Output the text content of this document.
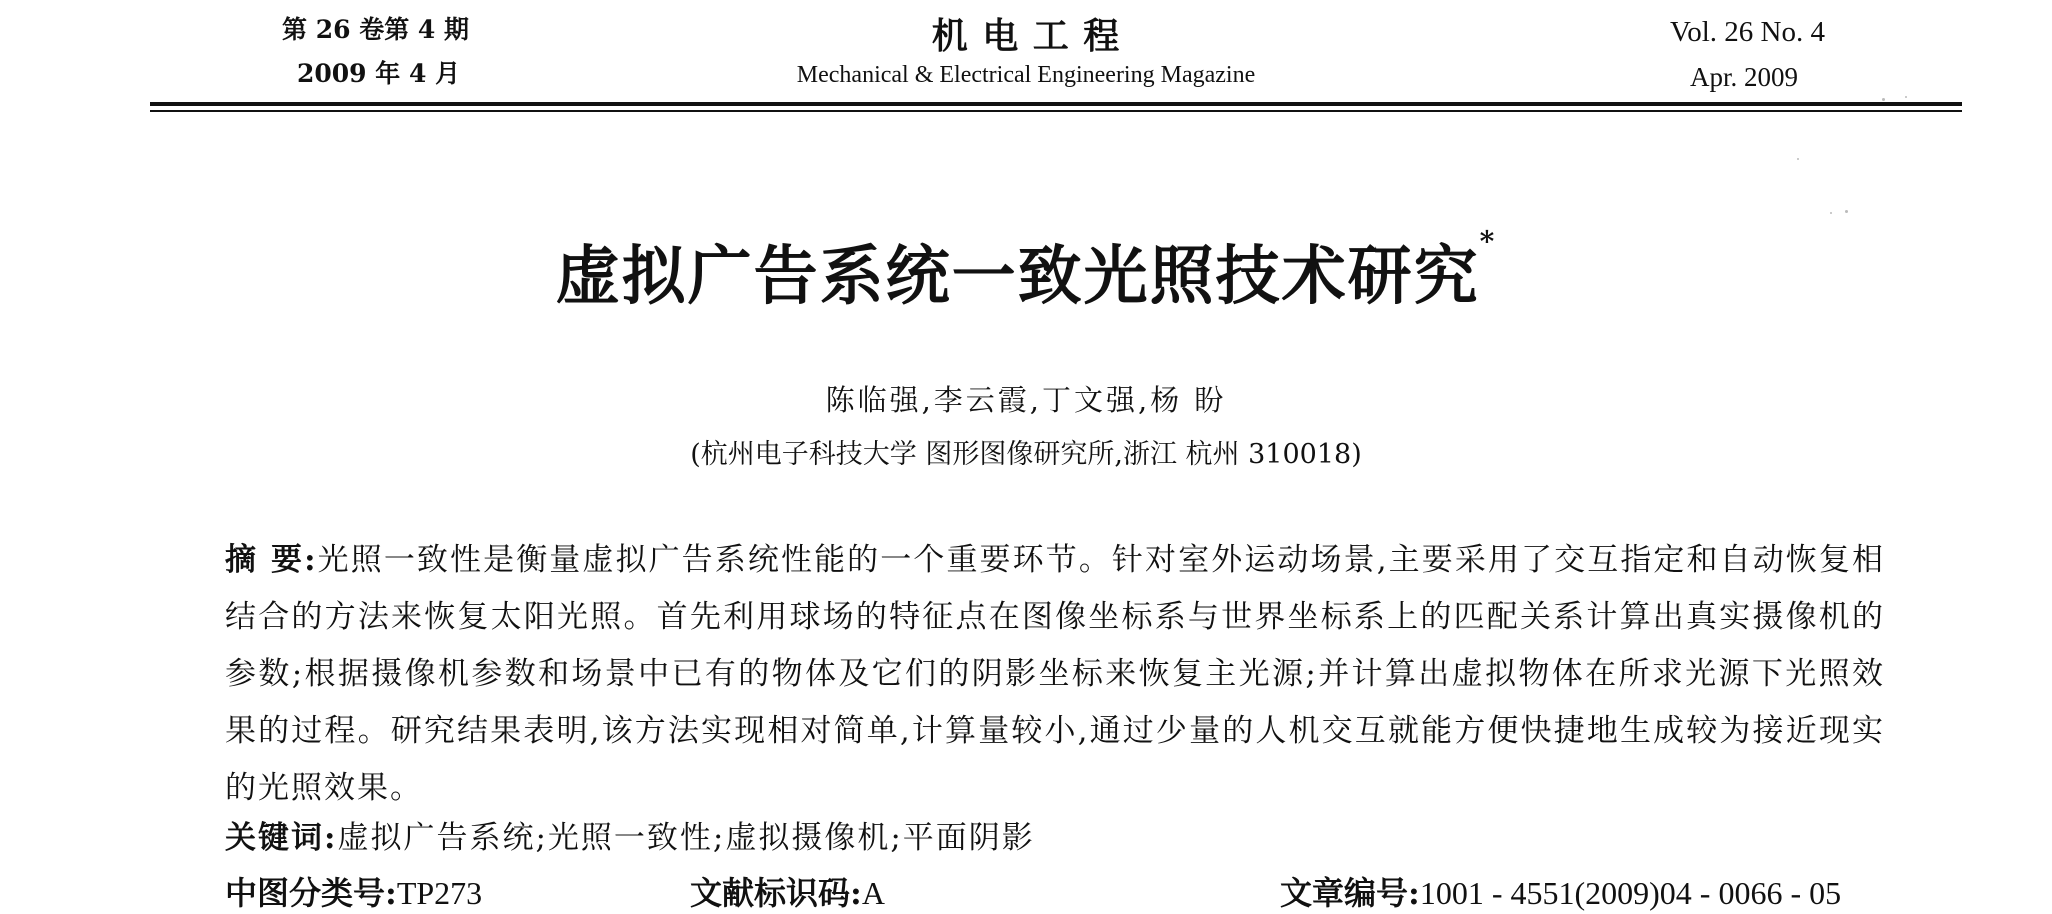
第 26 卷第 4 期
2009 年 4 月
机 电 工 程
Mechanical & Electrical Engineering Magazine
Vol. 26 No. 4
Apr. 2009
虚拟广告系统一致光照技术研究*
陈临强,李云霞,丁文强,杨 盼
(杭州电子科技大学 图形图像研究所,浙江 杭州 310018)

摘 要:光照一致性是衡量虚拟广告系统性能的一个重要环节。针对室外运动场景,主要采用了交互指定和自动恢复相结合的方法来恢复太阳光照。首先利用球场的特征点在图像坐标系与世界坐标系上的匹配关系计算出真实摄像机的参数;根据摄像机参数和场景中已有的物体及它们的阴影坐标来恢复主光源;并计算出虚拟物体在所求光源下光照效果的过程。研究结果表明,该方法实现相对简单,计算量较小,通过少量的人机交互就能方便快捷地生成较为接近现实的光照效果。

关键词:虚拟广告系统;光照一致性;虚拟摄像机;平面阴影
中图分类号:TP273	文献标识码:A	文章编号:1001 - 4551(2009)04 - 0066 - 05
